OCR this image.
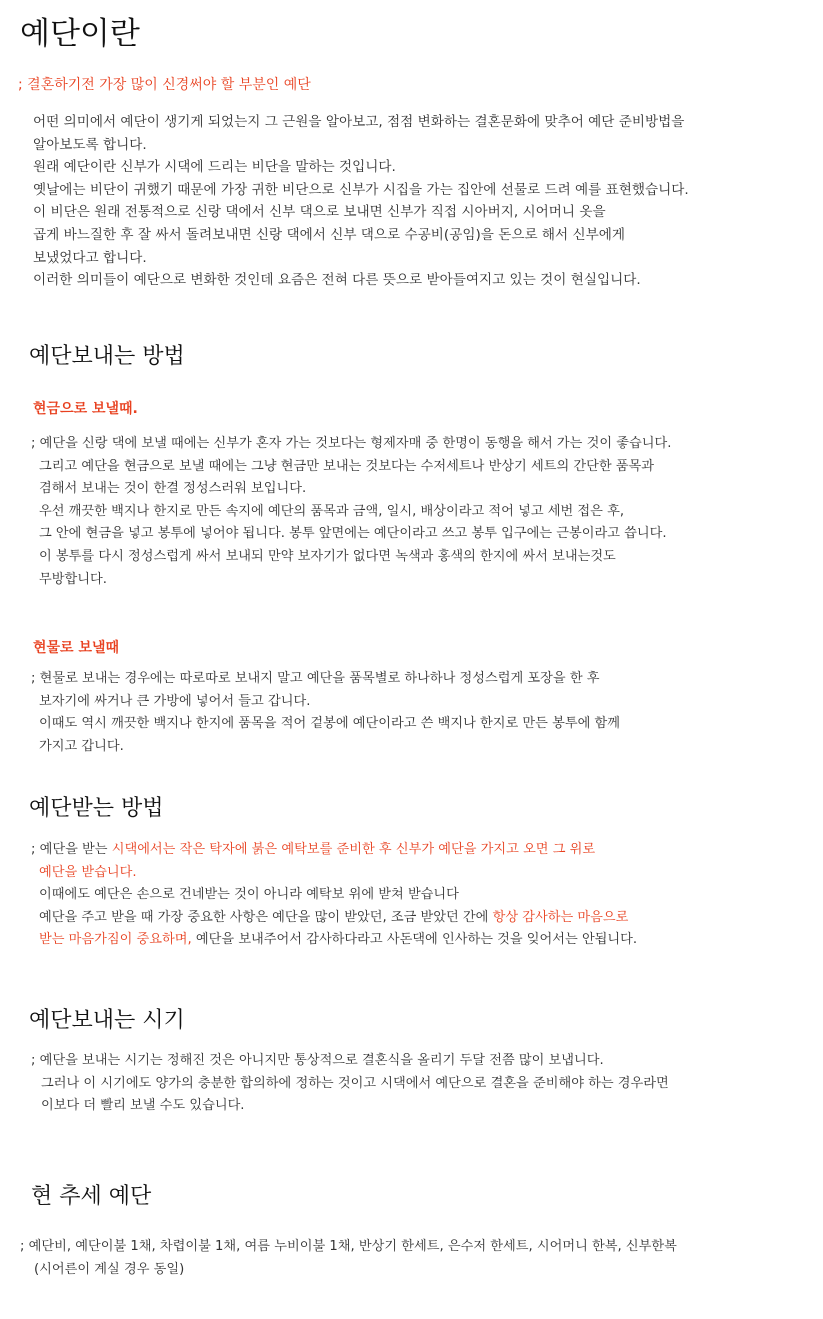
예단이란
; 결혼하기전 가장 많이 신경써야 할 부분인 예단
어떤 의미에서 예단이 생기게 되었는지 그 근원을 알아보고, 점점 변화하는 결혼문화에 맞추어 예단 준비방법을
알아보도록 합니다.
원래 예단이란 신부가 시댁에 드리는 비단을 말하는 것입니다.
옛날에는 비단이 귀했기 때문에 가장 귀한 비단으로 신부가 시집을 가는 집안에 선물로 드려 예를 표현했습니다.
이 비단은 원래 전통적으로 신랑 댁에서 신부 댁으로 보내면 신부가 직접 시아버지, 시어머니 옷을
곱게 바느질한 후 잘 싸서 돌려보내면 신랑 댁에서 신부 댁으로 수공비(공임)을 돈으로 해서 신부에게
보냈었다고 합니다.
이러한 의미들이 예단으로 변화한 것인데 요즘은 전혀 다른 뜻으로 받아들여지고 있는 것이 현실입니다.
예단보내는 방법
현금으로 보낼때.
; 예단을 신랑 댁에 보낼 때에는 신부가 혼자 가는 것보다는 형제자매 중 한명이 동행을 해서 가는 것이 좋습니다.
그리고 예단을 현금으로 보낼 때에는 그냥 현금만 보내는 것보다는 수저세트나 반상기 세트의 간단한 품목과
겸해서 보내는 것이 한결 정성스러워 보입니다.
우선 깨끗한 백지나 한지로 만든 속지에 예단의 품목과 금액, 일시, 배상이라고 적어 넣고 세번 접은 후,
그 안에 현금을 넣고 봉투에 넣어야 됩니다. 봉투 앞면에는 예단이라고 쓰고 봉투 입구에는 근봉이라고 씁니다.
이 봉투를 다시 정성스럽게 싸서 보내되 만약 보자기가 없다면 녹색과 홍색의 한지에 싸서 보내는것도
무방합니다.
현물로 보낼때
; 현물로 보내는 경우에는 따로따로 보내지 말고 예단을 품목별로 하나하나 정성스럽게 포장을 한 후
보자기에 싸거나 큰 가방에 넣어서 들고 갑니다.
이때도 역시 깨끗한 백지나 한지에 품목을 적어 겉봉에 예단이라고 쓴 백지나 한지로 만든 봉투에 함께
가지고 갑니다.
예단받는 방법
; 예단을 받는 시댁에서는 작은 탁자에 붉은 예탁보를 준비한 후 신부가 예단을 가지고 오면 그 위로
예단을 받습니다.
이때에도 예단은 손으로 건네받는 것이 아니라 예탁보 위에 받쳐 받습니다
예단을 주고 받을 때 가장 중요한 사항은 예단을 많이 받았던, 조금 받았던 간에 항상 감사하는 마음으로
받는 마음가짐이 중요하며, 예단을 보내주어서 감사하다라고 사돈댁에 인사하는 것을 잊어서는 안됩니다.
예단보내는 시기
; 예단을 보내는 시기는 정해진 것은 아니지만 통상적으로 결혼식을 올리기 두달 전쯤 많이 보냅니다.
그러나 이 시기에도 양가의 충분한 합의하에 정하는 것이고 시댁에서 예단으로 결혼을 준비해야 하는 경우라면
이보다 더 빨리 보낼 수도 있습니다.
현 추세 예단
; 예단비, 예단이불 1채, 차렵이불 1채, 여름 누비이불 1채, 반상기 한세트, 은수저 한세트, 시어머니 한복, 신부한복
(시어른이 계실 경우 동일)
